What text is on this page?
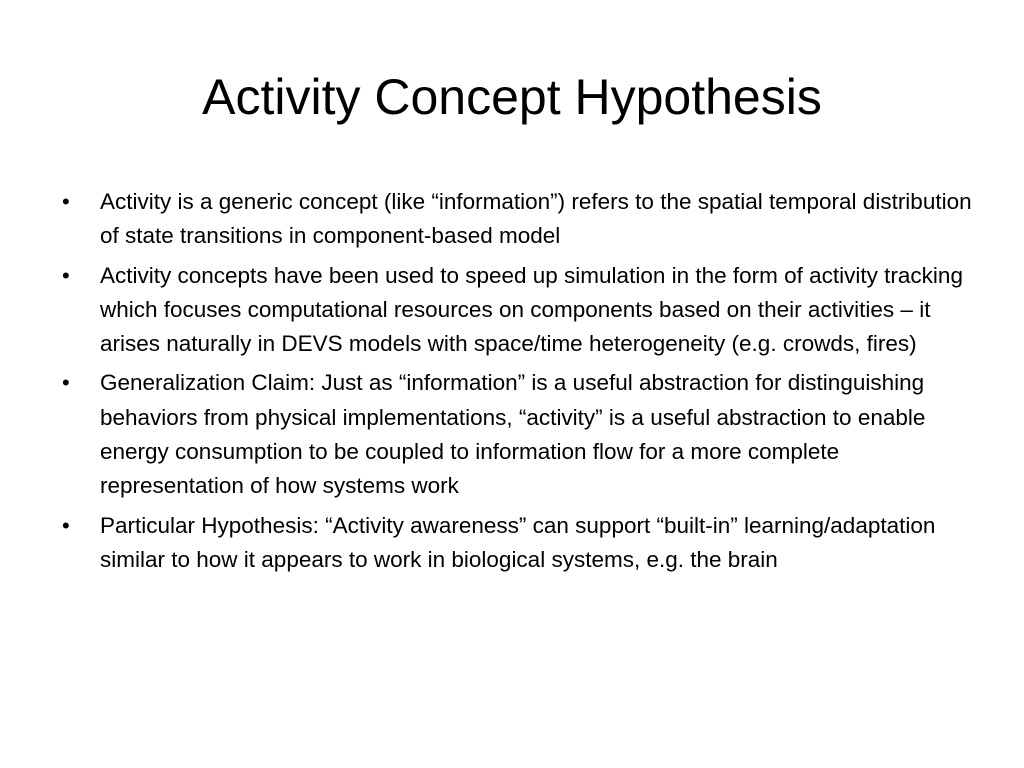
Activity Concept Hypothesis
•	Activity is a generic concept (like “information”) refers to the spatial temporal distribution of state transitions in component-based model
•	Activity concepts have been used to speed up simulation in the form of activity tracking which focuses computational resources on components based on their activities – it arises naturally in DEVS models with space/time heterogeneity (e.g. crowds, fires)
•	Generalization Claim: Just as “information” is a useful abstraction for distinguishing behaviors from physical implementations, “activity” is a useful abstraction to enable energy consumption to be coupled to information flow for a more complete representation of how systems work
•	Particular Hypothesis: “Activity awareness” can support “built-in” learning/adaptation similar to how it appears to work in biological systems, e.g. the brain
